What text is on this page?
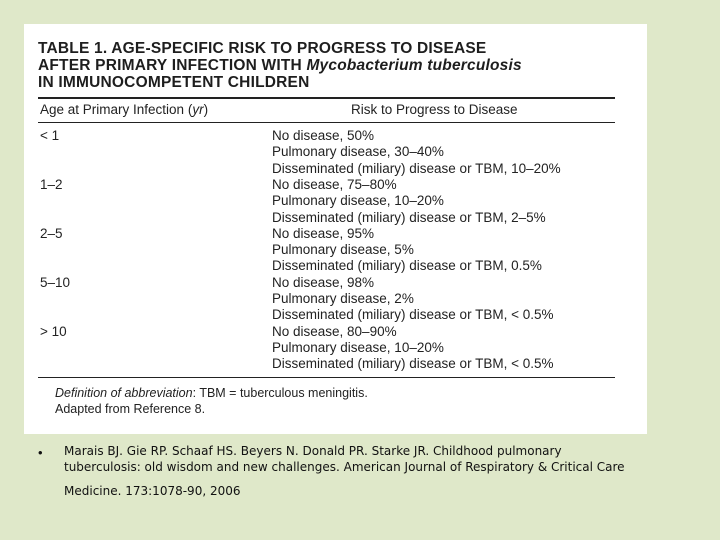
TABLE 1. AGE-SPECIFIC RISK TO PROGRESS TO DISEASE
AFTER PRIMARY INFECTION WITH Mycobacterium tuberculosis
IN IMMUNOCOMPETENT CHILDREN
Age at Primary Infection (yr)	Risk to Progress to Disease
< 1	No disease, 50%
Pulmonary disease, 30–40%
Disseminated (miliary) disease or TBM, 10–20%
1–2	No disease, 75–80%
Pulmonary disease, 10–20%
Disseminated (miliary) disease or TBM, 2–5%
2–5	No disease, 95%
Pulmonary disease, 5%
Disseminated (miliary) disease or TBM, 0.5%
5–10	No disease, 98%
Pulmonary disease, 2%
Disseminated (miliary) disease or TBM, < 0.5%
> 10	No disease, 80–90%
Pulmonary disease, 10–20%
Disseminated (miliary) disease or TBM, < 0.5%
Definition of abbreviation: TBM = tuberculous meningitis.
Adapted from Reference 8.
• Marais BJ. Gie RP. Schaaf HS. Beyers N. Donald PR. Starke JR. Childhood pulmonary
tuberculosis: old wisdom and new challenges. American Journal of Respiratory & Critical Care
Medicine. 173:1078-90, 2006
